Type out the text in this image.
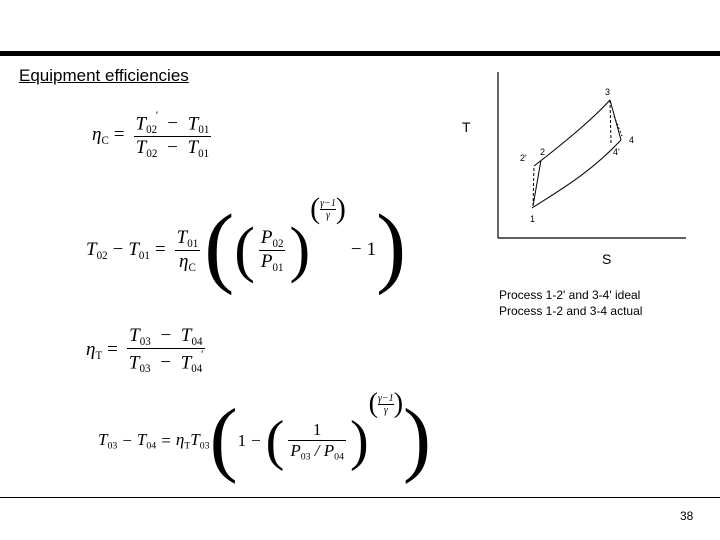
Equipment efficiencies
$\eta_C = \frac{T_{02}' - T_{01}}{T_{02} - T_{01}}$
$T_{02} - T_{01} = \frac{T_{01}}{\eta_C}$ ( ( $\frac{P_{02}}{P_{01}}$ )
( $\frac{\gamma-1}{\gamma}$ )
− 1 )
$\eta_T = \frac{T_{03} - T_{04}}{T_{03} - T_{04}'}$
$T_{03} - T_{04} = \eta_T$ $T_{03}$ ( 1 − ( $\frac{1}{P_{03} / P_{04}}$ )
( $\frac{\gamma-1}{\gamma}$ ) )
T
S
3
4
4'
2
2'
1
Process 1-2' and 3-4' ideal
Process 1-2 and 3-4 actual
38
